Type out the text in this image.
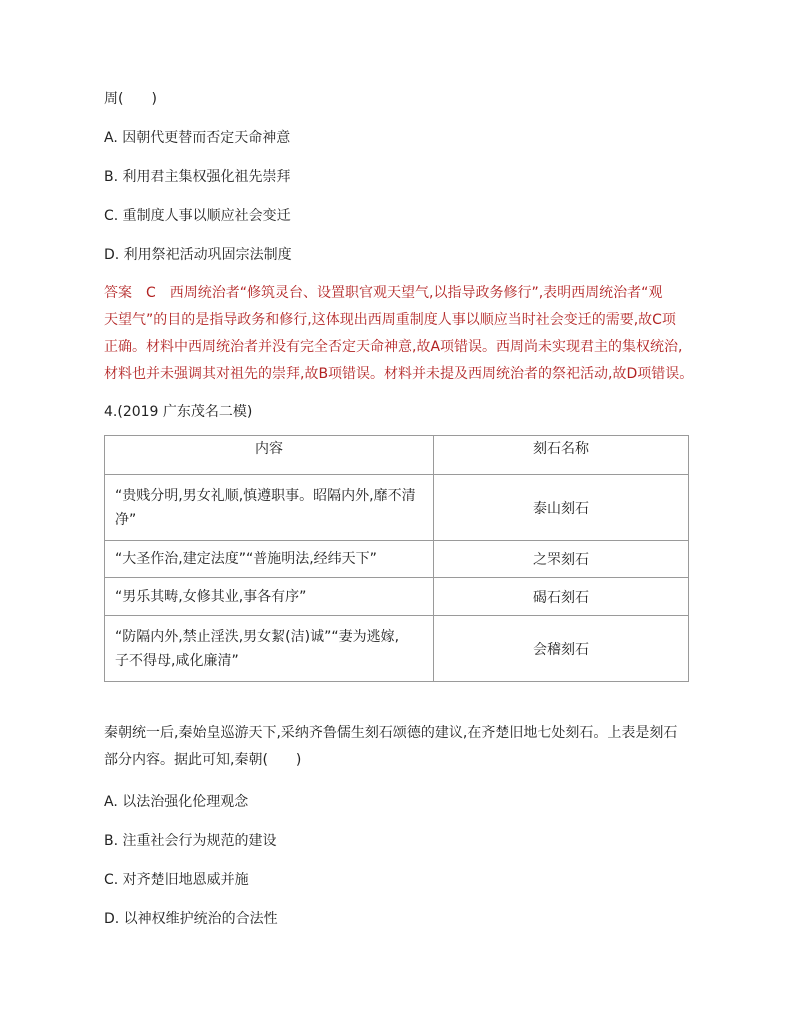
周(　　)
A. 因朝代更替而否定天命神意
B. 利用君主集权强化祖先崇拜
C. 重制度人事以顺应社会变迁
D. 利用祭祀活动巩固宗法制度
答案 C 西周统治者“修筑灵台、设置职官观天望气,以指导政务修行”,表明西周统治者“观
天望气”的目的是指导政务和修行,这体现出西周重制度人事以顺应当时社会变迁的需要,故C项
正确。材料中西周统治者并没有完全否定天命神意,故A项错误。西周尚未实现君主的集权统治,
材料也并未强调其对祖先的崇拜,故B项错误。材料并未提及西周统治者的祭祀活动,故D项错误。
4.(2019 广东茂名二模)
内容	刻石名称
“贵贱分明,男女礼顺,慎遵职事。昭隔内外,靡不清
净”	泰山刻石
“大圣作治,建定法度”“普施明法,经纬天下”	之罘刻石
“男乐其畴,女修其业,事各有序”	碣石刻石
“防隔内外,禁止淫泆,男女絜(洁)诚”“妻为逃嫁,
子不得母,咸化廉清”	会稽刻石
秦朝统一后,秦始皇巡游天下,采纳齐鲁儒生刻石颂德的建议,在齐楚旧地七处刻石。上表是刻石
部分内容。据此可知,秦朝(　　)
A. 以法治强化伦理观念
B. 注重社会行为规范的建设
C. 对齐楚旧地恩威并施
D. 以神权维护统治的合法性
